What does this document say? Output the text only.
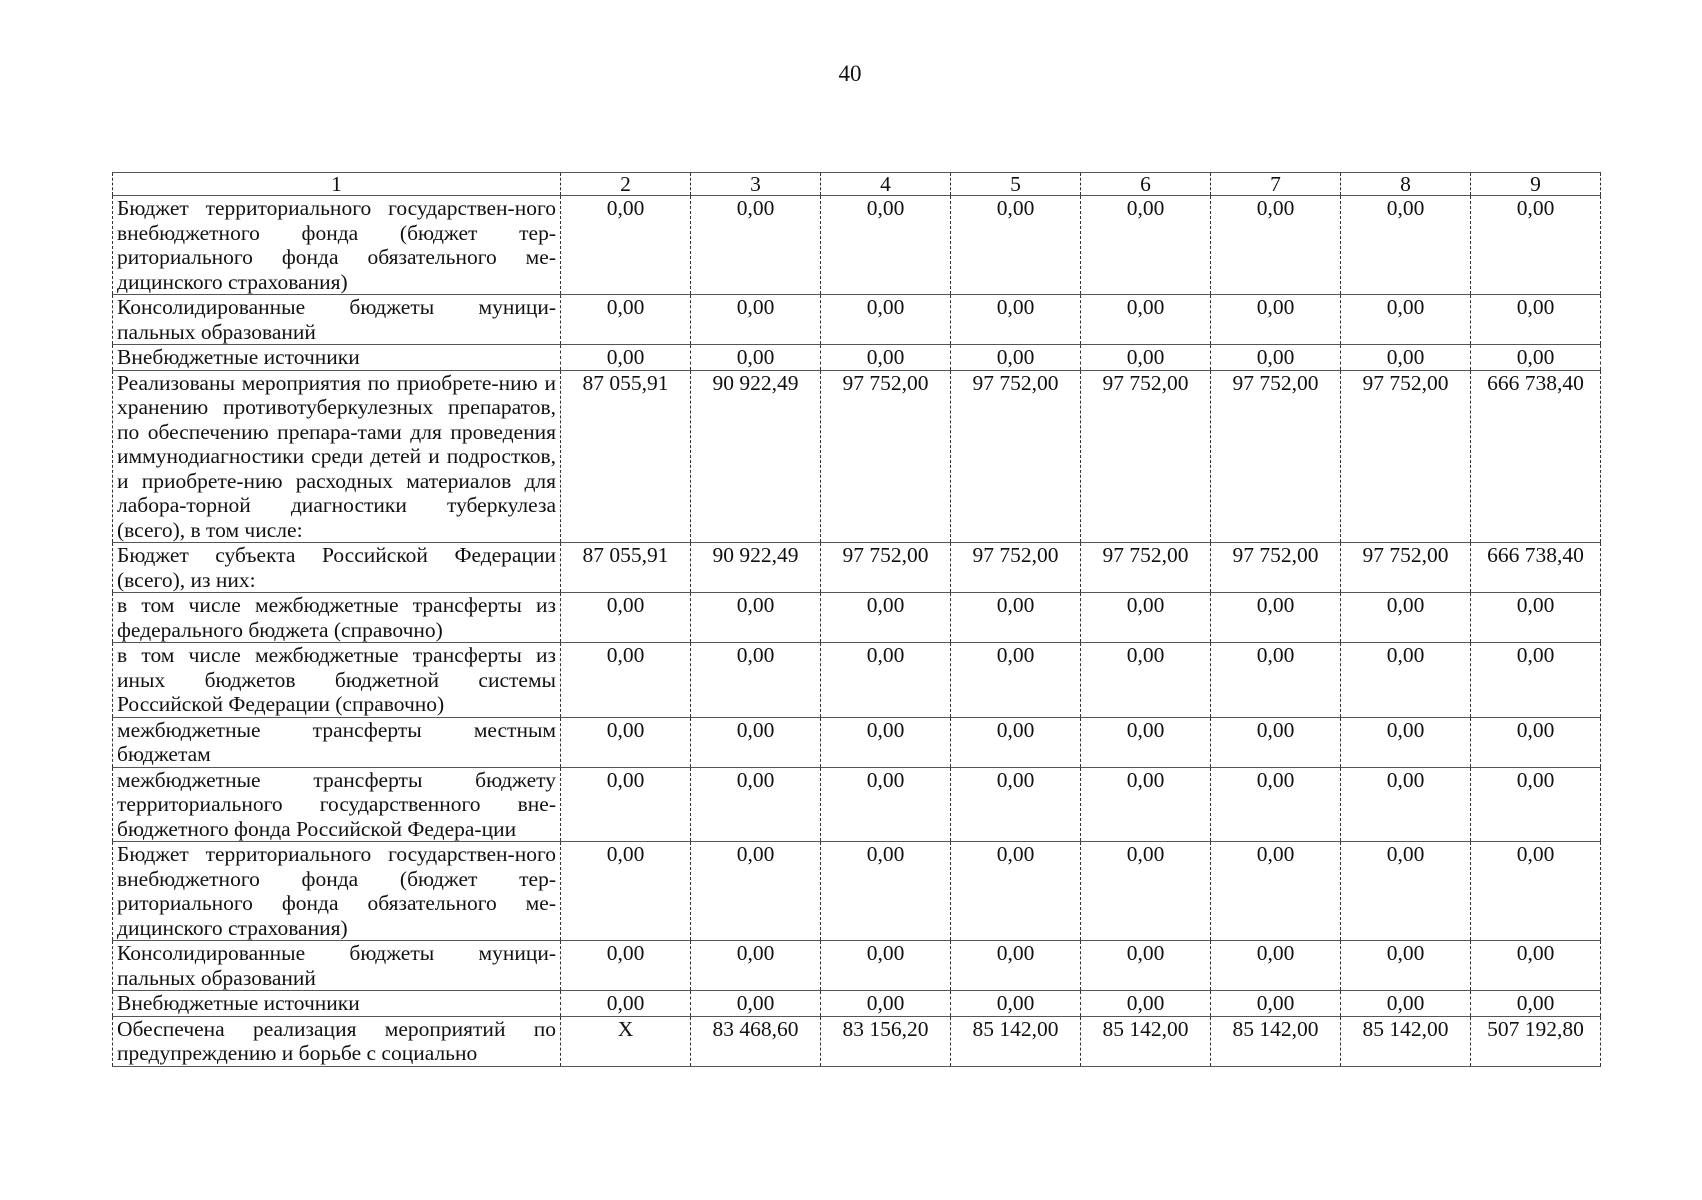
40
1	2	3	4	5	6	7	8	9
Бюджет территориального государствен-ного внебюджетного фонда (бюджет тер-риториального фонда обязательного ме-дицинского страхования)	0,00	0,00	0,00	0,00	0,00	0,00	0,00	0,00
Консолидированные бюджеты муници-пальных образований	0,00	0,00	0,00	0,00	0,00	0,00	0,00	0,00
Внебюджетные источники	0,00	0,00	0,00	0,00	0,00	0,00	0,00	0,00
Реализованы мероприятия по приобрете-нию и хранению противотуберкулезных препаратов, по обеспечению препара-тами для проведения иммунодиагностики среди детей и подростков, и приобрете-нию расходных материалов для лабора-торной диагностики туберкулеза (всего), в том числе:	87 055,91	90 922,49	97 752,00	97 752,00	97 752,00	97 752,00	97 752,00	666 738,40
Бюджет субъекта Российской Федерации (всего), из них:	87 055,91	90 922,49	97 752,00	97 752,00	97 752,00	97 752,00	97 752,00	666 738,40
в том числе межбюджетные трансферты из федерального бюджета (справочно)	0,00	0,00	0,00	0,00	0,00	0,00	0,00	0,00
в том числе межбюджетные трансферты из иных бюджетов бюджетной системы Российской Федерации (справочно)	0,00	0,00	0,00	0,00	0,00	0,00	0,00	0,00
межбюджетные трансферты местным бюджетам	0,00	0,00	0,00	0,00	0,00	0,00	0,00	0,00
межбюджетные трансферты бюджету территориального государственного вне-бюджетного фонда Российской Федера-ции	0,00	0,00	0,00	0,00	0,00	0,00	0,00	0,00
Бюджет территориального государствен-ного внебюджетного фонда (бюджет тер-риториального фонда обязательного ме-дицинского страхования)	0,00	0,00	0,00	0,00	0,00	0,00	0,00	0,00
Консолидированные бюджеты муници-пальных образований	0,00	0,00	0,00	0,00	0,00	0,00	0,00	0,00
Внебюджетные источники	0,00	0,00	0,00	0,00	0,00	0,00	0,00	0,00
Обеспечена реализация мероприятий по предупреждению и борьбе с социально	X	83 468,60	83 156,20	85 142,00	85 142,00	85 142,00	85 142,00	507 192,80
